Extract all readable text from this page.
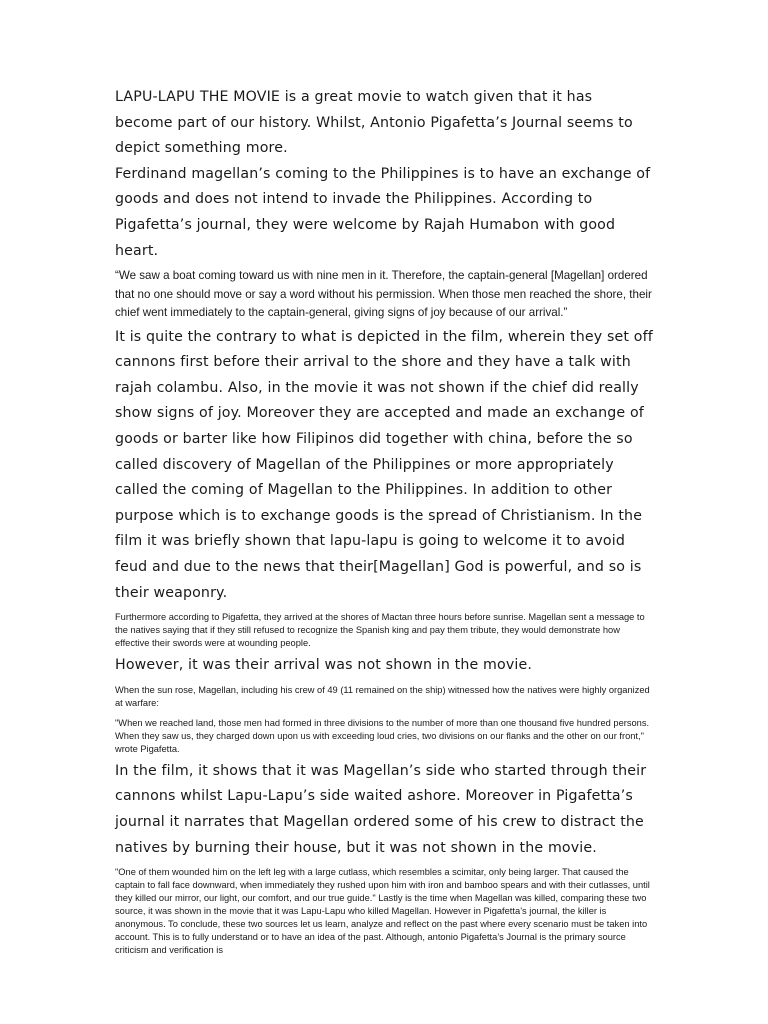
LAPU-LAPU THE MOVIE is a great movie to watch given that it has become part of our history. Whilst, Antonio Pigafetta’s Journal seems to depict something more.

Ferdinand magellan’s coming to the Philippines is to have an exchange of goods and does not intend to invade the Philippines. According to Pigafetta’s journal, they were welcome by Rajah Humabon with good heart.

“We saw a boat coming toward us with nine men in it. Therefore, the captain-general [Magellan] ordered that no one should move or say a word without his permission. When those men reached the shore, their chief went immediately to the captain-general, giving signs of joy because of our arrival.”

It is quite the contrary to what is depicted in the film, wherein they set off cannons first before their arrival to the shore and they have a talk with rajah colambu. Also, in the movie it was not shown if the chief did really show signs of joy. Moreover they are accepted and made an exchange of goods or barter like how Filipinos did together with china, before the so called discovery of Magellan of the Philippines or more appropriately called the coming of Magellan to the Philippines. In addition to other purpose which is to exchange goods is the spread of Christianism. In the film it was briefly shown that lapu-lapu is going to welcome it to avoid feud and due to the news that their[Magellan] God is powerful, and so is their weaponry.

Furthermore according to Pigafetta, they arrived at the shores of Mactan three hours before sunrise. Magellan sent a message to the natives saying that if they still refused to recognize the Spanish king and pay them tribute, they would demonstrate how effective their swords were at wounding people.

However, it was their arrival was not shown in the movie.

When the sun rose, Magellan, including his crew of 49 (11 remained on the ship) witnessed how the natives were highly organized at warfare:

"When we reached land, those men had formed in three divisions to the number of more than one thousand five hundred persons. When they saw us, they charged down upon us with exceeding loud cries, two divisions on our flanks and the other on our front," wrote Pigafetta.

In the film, it shows that it was Magellan’s side who started through their cannons whilst Lapu-Lapu’s side waited ashore. Moreover in Pigafetta’s journal it narrates that Magellan ordered some of his crew to distract the natives by burning their house, but it was not shown in the movie.

"One of them wounded him on the left leg with a large cutlass, which resembles a scimitar, only being larger. That caused the captain to fall face downward, when immediately they rushed upon him with iron and bamboo spears and with their cutlasses, until they killed our mirror, our light, our comfort, and our true guide." Lastly is the time when Magellan was killed, comparing these two source, it was shown in the movie that it was Lapu-Lapu who killed Magellan. However in Pigafetta’s journal, the killer is anonymous. To conclude, these two sources let us learn, analyze and reflect on the past where every scenario must be taken into account. This is to fully understand or to have an idea of the past. Although, antonio Pigafetta’s Journal is the primary source criticism and verification is
